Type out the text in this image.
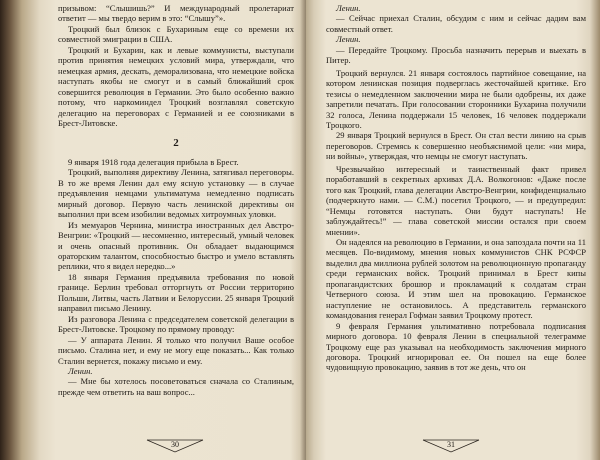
призывом: “Слышишь?” И международный пролетариат ответит — мы твердо верим в это: “Слышу”».

Троцкий был близок с Бухариным еще со времени их совместной эмиграции в США.

Троцкий и Бухарин, как и левые коммунисты, выступали против принятия немецких условий мира, утверждали, что немецкая армия, дескать, деморализована, что немецкие войска наступать якобы не смогут и в самый ближайший срок совершится революция в Германии. Это было особенно важно потому, что наркоминдел Троцкий возглавлял советскую делегацию на переговорах с Германией и ее союзниками в Брест-Литовске.

2

9 января 1918 года делегация прибыла в Брест.

Троцкий, выполняя директиву Ленина, затягивал переговоры. В то же время Ленин дал ему ясную установку — в случае предъявления немцами ультиматума немедленно подписать мирный договор. Первую часть ленинской директивы он выполнил при всем изобилии ведомых хитроумных уловки.

Из мемуаров Чернина, министра иностранных дел Австро-Венгрии: «Троцкий — несомненно, интересный, умный человек и очень опасный противник. Он обладает выдающимся ораторским талантом, способностью быстро и умело вставлять реплики, что я видел нередко...»

18 января Германия предъявила требования по новой границе. Берлин требовал отторгнуть от России территорию Польши, Литвы, часть Латвии и Белоруссии. 25 января Троцкий направил письмо Ленину.

Из разговора Ленина с председателем советской делегации в Брест-Литовске. Троцкому по прямому проводу:

— У аппарата Ленин. Я только что получил Ваше особое письмо. Сталина нет, и ему не могу еще показать... Как только Сталин вернется, покажу письмо и ему.

Ленин.

— Мне бы хотелось посоветоваться сначала со Сталиным, прежде чем ответить на ваш вопрос...

30

Ленин.

— Сейчас приехал Сталин, обсудим с ним и сейчас дадим вам совместный ответ.

Ленин.

— Передайте Троцкому. Просьба назначить перерыв и выехать в Питер.

Троцкий вернулся. 21 января состоялось партийное совещание, на котором ленинская позиция подверглась жесточайшей критике. Его тезисы о немедленном заключении мира не были одобрены, их даже запретили печатать. При голосовании сторонники Бухарина получили 32 голоса, Ленина поддержали 15 человек, 16 человек поддержали Троцкого.

29 января Троцкий вернулся в Брест. Он стал вести линию на срыв переговоров. Стремясь к совершенно необъяснимой цели: «ни мира, ни войны», утверждая, что немцы не смогут наступать.

Чрезвычайно интересный и таинственный факт привел поработавший в секретных архивах Д.А. Волкогонов: «Даже после того как Троцкий, глава делегации Австро-Венгрии, конфиденциально (подчеркнуто нами. — С.М.) посетил Троцкого, — и предупредил: “Немцы готовятся наступать. Они будут наступать! Не заблуждайтесь!” — глава советской миссии остался при своем мнении».

Он надеялся на революцию в Германии, и она запоздала почти на 11 месяцев. По-видимому, мнения новых коммунистов СНК РСФСР выделил два миллиона рублей золотом на революционную пропаганду среди германских войск. Троцкий принимал в Брест кипы пропагандистских брошюр и прокламаций к солдатам стран Четверного союза. И этим шел на провокацию. Германское наступление не остановилось. А представитель германского командования генерал Гофман заявил Троцкому протест.

9 февраля Германия ультимативно потребовала подписания мирного договора. 10 февраля Ленин в специальной телеграмме Троцкому еще раз указывал на необходимость заключения мирного договора. Троцкий игнорировал ее. Он пошел на еще более чудовищную провокацию, заявив в тот же день, что он

31
